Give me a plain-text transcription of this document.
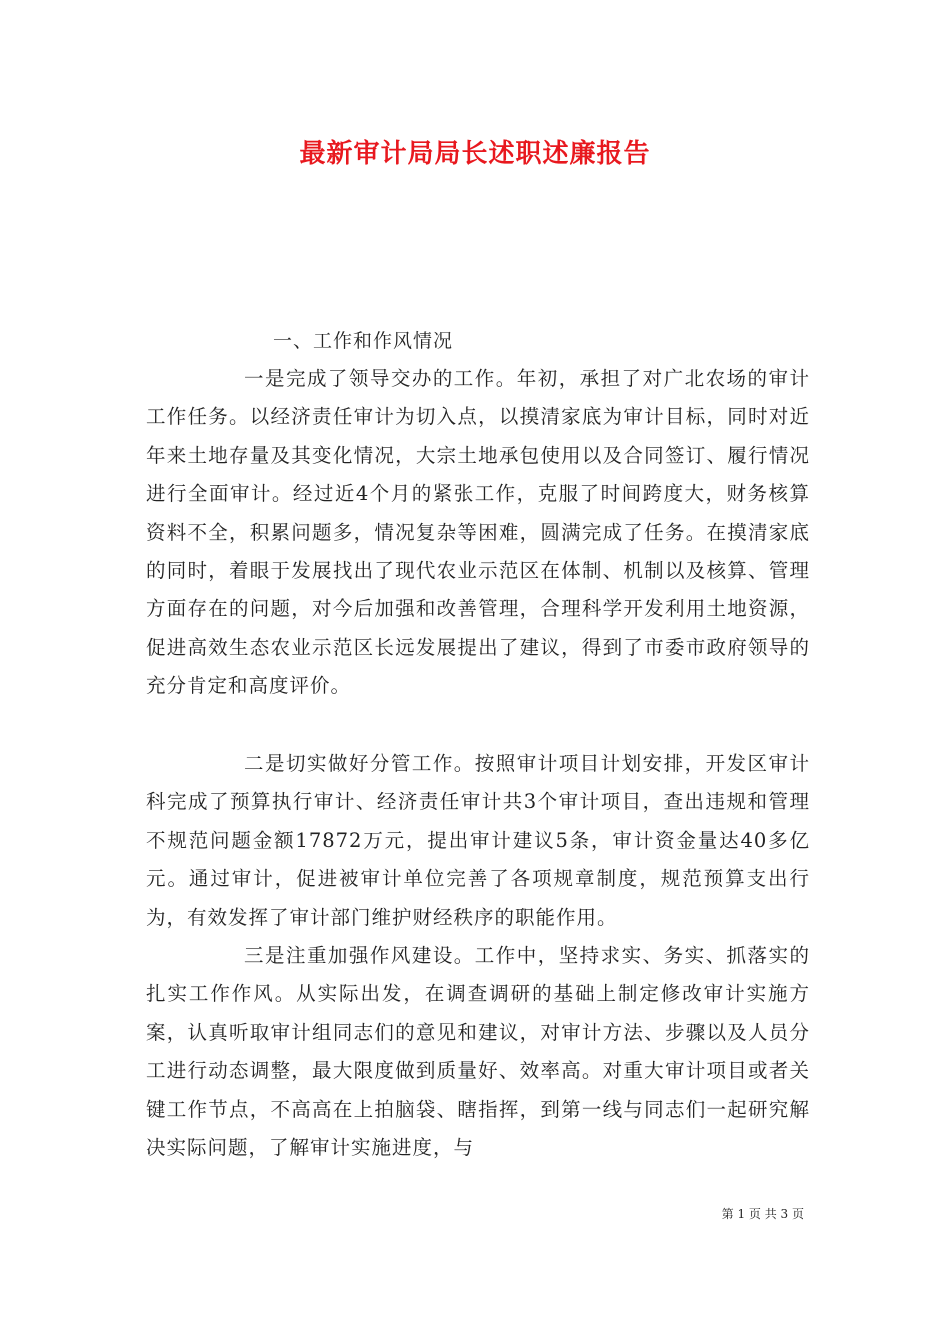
最新审计局局长述职述廉报告
一、工作和作风情况

一是完成了领导交办的工作。年初，承担了对广北农场的审计工作任务。以经济责任审计为切入点，以摸清家底为审计目标，同时对近年来土地存量及其变化情况，大宗土地承包使用以及合同签订、履行情况进行全面审计。经过近4个月的紧张工作，克服了时间跨度大，财务核算资料不全，积累问题多，情况复杂等困难，圆满完成了任务。在摸清家底的同时，着眼于发展找出了现代农业示范区在体制、机制以及核算、管理方面存在的问题，对今后加强和改善管理，合理科学开发利用土地资源，促进高效生态农业示范区长远发展提出了建议，得到了市委市政府领导的充分肯定和高度评价。

二是切实做好分管工作。按照审计项目计划安排，开发区审计科完成了预算执行审计、经济责任审计共3个审计项目，查出违规和管理不规范问题金额17872万元，提出审计建议5条，审计资金量达40多亿元。通过审计，促进被审计单位完善了各项规章制度，规范预算支出行为，有效发挥了审计部门维护财经秩序的职能作用。

三是注重加强作风建设。工作中，坚持求实、务实、抓落实的扎实工作作风。从实际出发，在调查调研的基础上制定修改审计实施方案，认真听取审计组同志们的意见和建议，对审计方法、步骤以及人员分工进行动态调整，最大限度做到质量好、效率高。对重大审计项目或者关键工作节点，不高高在上拍脑袋、瞎指挥，到第一线与同志们一起研究解决实际问题，了解审计实施进度，与

第 1 页 共 3 页
